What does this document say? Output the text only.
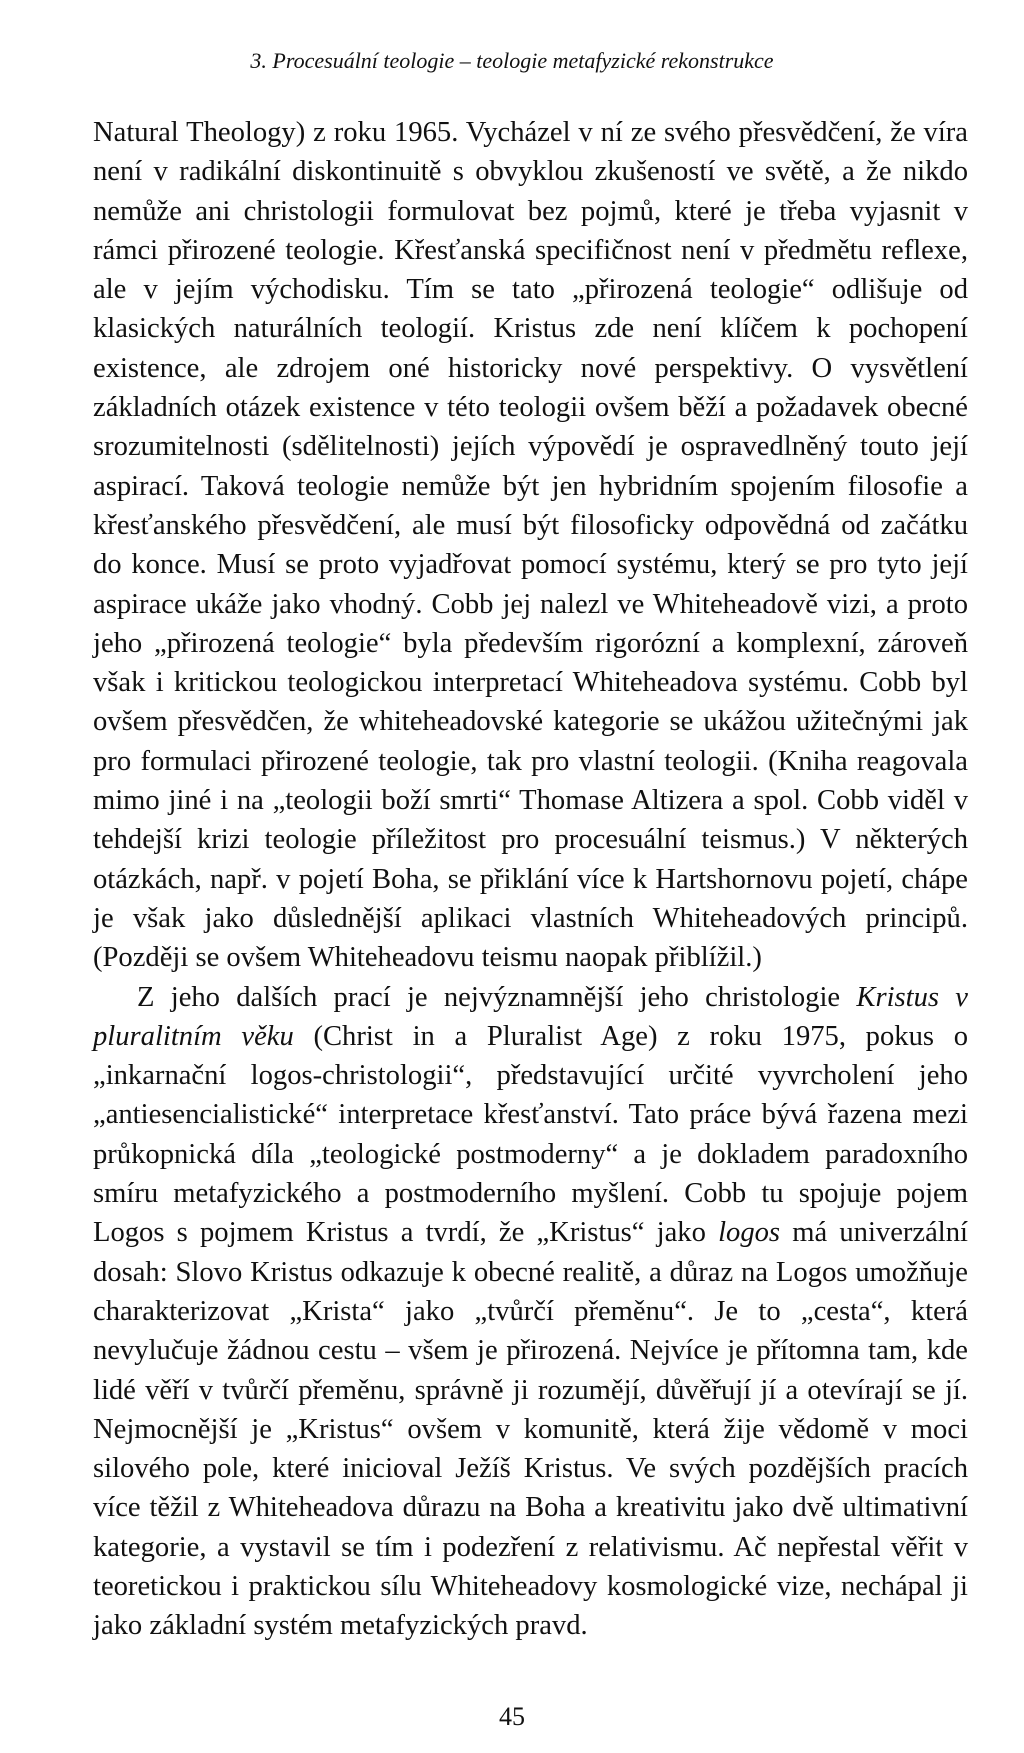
3. Procesuální teologie – teologie metafyzické rekonstrukce

Natural Theology) z roku 1965. Vycházel v ní ze svého přesvědčení, že víra není v radikální diskontinuitě s obvyklou zkušeností ve světě, a že nikdo nemůže ani christologii formulovat bez pojmů, které je třeba vyjasnit v rámci přirozené teologie. Křesťanská specifičnost není v předmětu reflexe, ale v jejím východisku. Tím se tato „přirozená teologie“ odlišuje od klasických naturálních teologií. Kristus zde není klíčem k pochopení existence, ale zdrojem oné historicky nové perspektivy. O vysvětlení základních otázek existence v této teologii ovšem běží a požadavek obecné srozumitelnosti (sdělitelnosti) jejích výpovědí je ospravedlněný touto její aspirací. Taková teologie nemůže být jen hybridním spojením filosofie a křesťanského přesvědčení, ale musí být filosoficky odpovědná od začátku do konce. Musí se proto vyjadřovat pomocí systému, který se pro tyto její aspirace ukáže jako vhodný. Cobb jej nalezl ve Whiteheadově vizi, a proto jeho „přirozená teologie“ byla především rigorózní a komplexní, zároveň však i kritickou teologickou interpretací Whiteheadova systému. Cobb byl ovšem přesvědčen, že whiteheadovské kategorie se ukážou užitečnými jak pro formulaci přirozené teologie, tak pro vlastní teologii. (Kniha reagovala mimo jiné i na „teologii boží smrti“ Thomase Altizera a spol. Cobb viděl v tehdejší krizi teologie příležitost pro procesuální teismus.) V některých otázkách, např. v pojetí Boha, se přiklání více k Hartshornovu pojetí, chápe je však jako důslednější aplikaci vlastních Whiteheadových principů. (Později se ovšem Whiteheadovu teismu naopak přiblížil.)

Z jeho dalších prací je nejvýznamnější jeho christologie Kristus v pluralitním věku (Christ in a Pluralist Age) z roku 1975, pokus o „inkarnační logos-christologii“, představující určité vyvrcholení jeho „antiesencialistické“ interpretace křesťanství. Tato práce bývá řazena mezi průkopnická díla „teologické postmoderny“ a je dokladem paradoxního smíru metafyzického a postmoderního myšlení. Cobb tu spojuje pojem Logos s pojmem Kristus a tvrdí, že „Kristus“ jako logos má univerzální dosah: Slovo Kristus odkazuje k obecné realitě, a důraz na Logos umožňuje charakterizovat „Krista“ jako „tvůrčí přeměnu“. Je to „cesta“, která nevylučuje žádnou cestu – všem je přirozená. Nejvíce je přítomna tam, kde lidé věří v tvůrčí přeměnu, správně ji rozumějí, důvěřují jí a otevírají se jí. Nejmocnější je „Kristus“ ovšem v komunitě, která žije vědomě v moci silového pole, které inicioval Ježíš Kristus. Ve svých pozdějších pracích více těžil z Whiteheadova důrazu na Boha a kreativitu jako dvě ultimativní kategorie, a vystavil se tím i podezření z relativismu. Ač nepřestal věřit v teoretickou i praktickou sílu Whiteheadovy kosmologické vize, nechápal ji jako základní systém metafyzických pravd.

45
